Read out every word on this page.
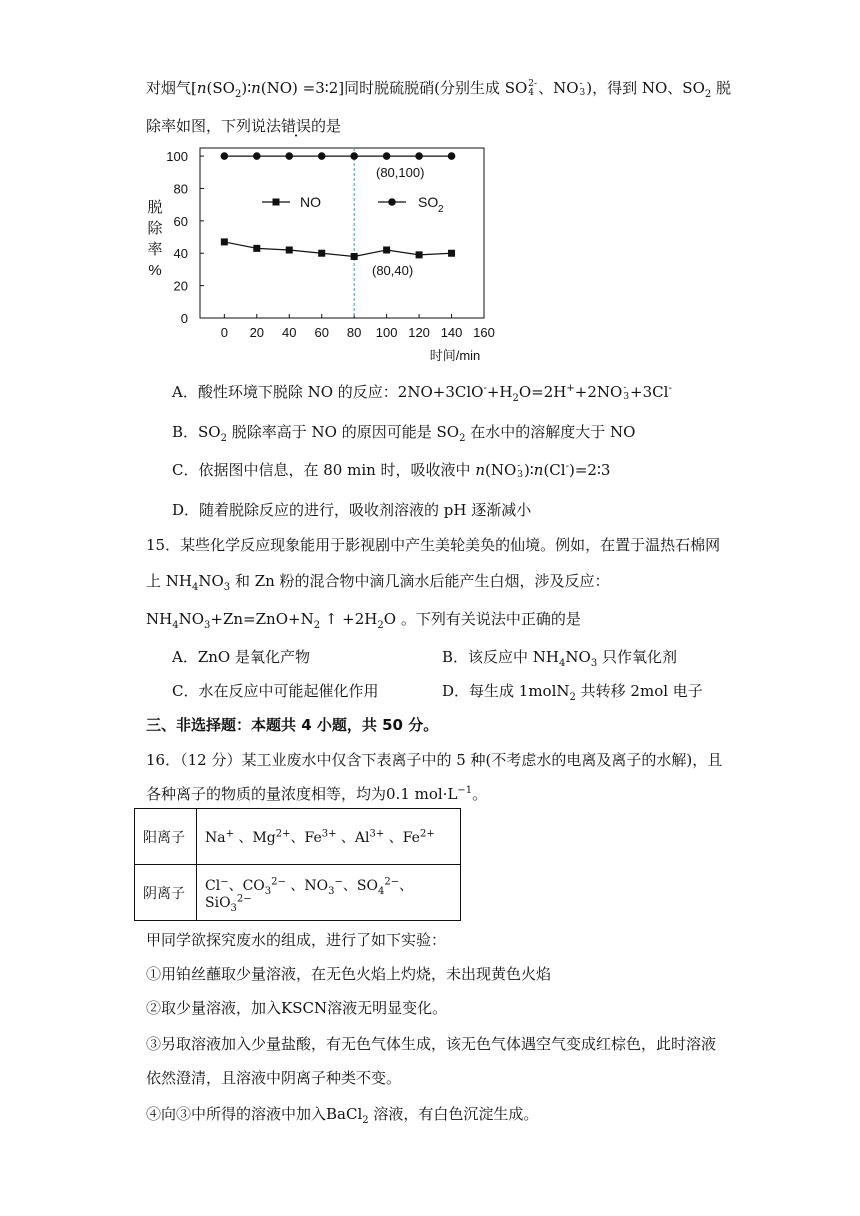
对烟气[$n(SO_2)∶n(NO)$ =3∶2]同时脱硫脱硝(分别生成 SO 2-
4 、NO -
3 )，得到 NO、$SO_2$ 脱
除率如图，下列说法错误的是
0
20
40
60
80
100
0 20 40 60 80 100 120 140 160
时间/min
脱
除
率
%
NO	SO 2
(80,100)
(80,40)
A．酸性环境下脱除 NO 的反应：$2NO+3ClO^-+H_2O=2H^++2NO$ -
3 +3Cl-
B．$SO_2$ 脱除率高于 NO 的原因可能是 $SO_2$ 在水中的溶解度大于 NO
C．依据图中信息，在 80 min 时，吸收液中 n(NO -
3 )∶n(Cl-)=2∶3
D．随着脱除反应的进行，吸收剂溶液的 pH 逐渐减小
15．某些化学反应现象能用于影视剧中产生美轮美奂的仙境。例如，在置于温热石棉网
上 $NH_4NO_3$ 和 Zn 粉的混合物中滴几滴水后能产生白烟，涉及反应：
$NH_4NO_3+Zn=ZnO+N_2$ ↑ $+2H_2O$ 。下列有关说法中正确的是
A．ZnO 是氧化产物	B．该反应中 $NH_4NO_3$ 只作氧化剂
C．水在反应中可能起催化作用	D．每生成 1molN$_2$ 共转移 2mol 电子
三、非选择题：本题共 4 小题，共 50 分。
16．（12 分）某工业废水中仅含下表离子中的 5 种(不考虑水的电离及离子的水解)，且
各种离子的物质的量浓度相等，均为0.1 $mol\cdot L^{-1}$。
阳离子	Na+ 、$Mg^{2+}$、$Fe^{3+}$ 、$Al^{3+}$ 、$Fe^{2+}$
阴离子	Cl−、$CO_3^{2-}$ 、$NO_3^-$、$SO_4^{2-}$、SiO$_3^{2-}$
甲同学欲探究废水的组成，进行了如下实验：
①用铂丝蘸取少量溶液，在无色火焰上灼烧，未出现黄色火焰
②取少量溶液，加入KSCN溶液无明显变化。
③另取溶液加入少量盐酸，有无色气体生成，该无色气体遇空气变成红棕色，此时溶液
依然澄清，且溶液中阴离子种类不变。
④向③中所得的溶液中加入BaCl$_2$ 溶液，有白色沉淀生成。
